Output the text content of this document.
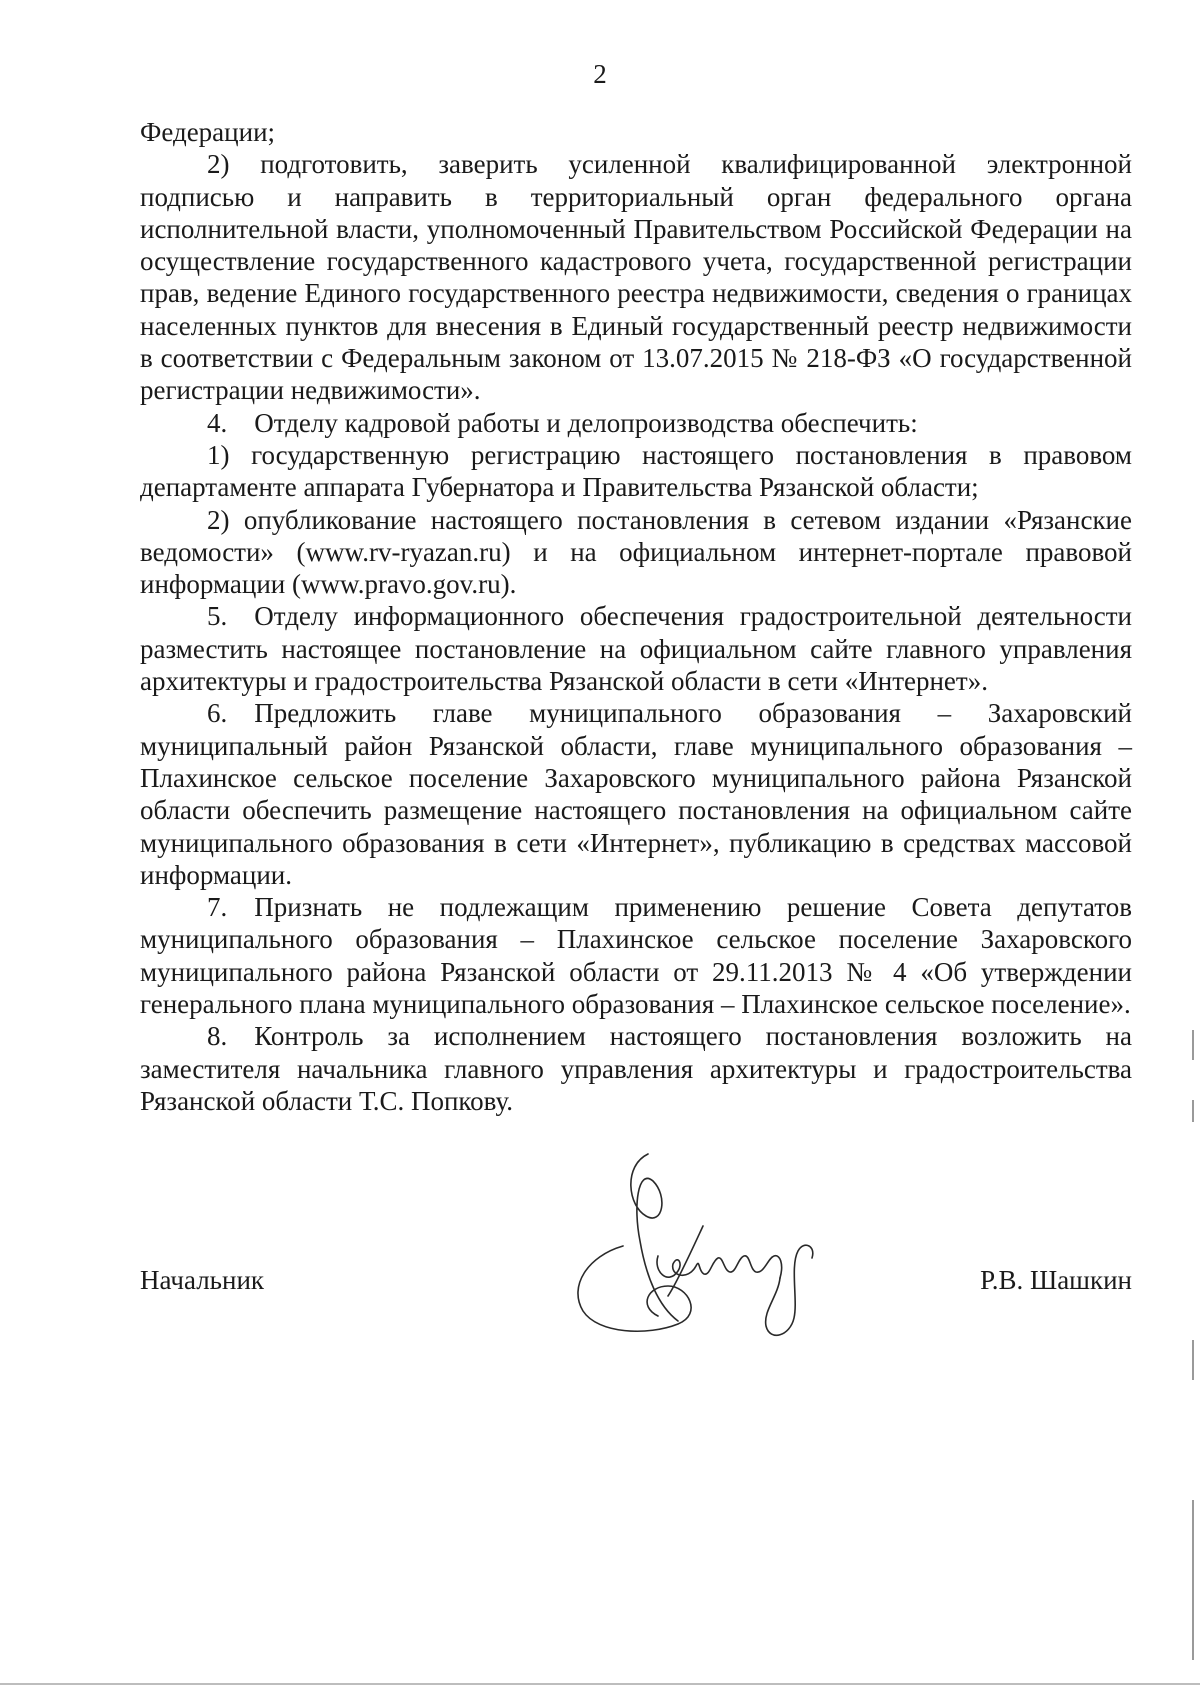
2

Федерации;

2) подготовить, заверить усиленной квалифицированной электронной подписью и направить в территориальный орган федерального органа исполнительной власти, уполномоченный Правительством Российской Федерации на осуществление государственного кадастрового учета, государственной регистрации прав, ведение Единого государственного реестра недвижимости, сведения о границах населенных пунктов для внесения в Единый государственный реестр недвижимости в соответствии с Федеральным законом от 13.07.2015 № 218-ФЗ «О государственной регистрации недвижимости».

4. Отделу кадровой работы и делопроизводства обеспечить:

1) государственную регистрацию настоящего постановления в правовом департаменте аппарата Губернатора и Правительства Рязанской области;

2) опубликование настоящего постановления в сетевом издании «Рязанские ведомости» (www.rv-ryazan.ru) и на официальном интернет-портале правовой информации (www.pravo.gov.ru).

5. Отделу информационного обеспечения градостроительной деятельности разместить настоящее постановление на официальном сайте главного управления архитектуры и градостроительства Рязанской области в сети «Интернет».

6. Предложить главе муниципального образования – Захаровский муниципальный район Рязанской области, главе муниципального образования – Плахинское сельское поселение Захаровского муниципального района Рязанской области обеспечить размещение настоящего постановления на официальном сайте муниципального образования в сети «Интернет», публикацию в средствах массовой информации.

7. Признать не подлежащим применению решение Совета депутатов муниципального образования – Плахинское сельское поселение Захаровского муниципального района Рязанской области от 29.11.2013 № 4 «Об утверждении генерального плана муниципального образования – Плахинское сельское поселение».

8. Контроль за исполнением настоящего постановления возложить на заместителя начальника главного управления архитектуры и градостроительства Рязанской области Т.С. Попкову.

Начальник	Р.В. Шашкин
